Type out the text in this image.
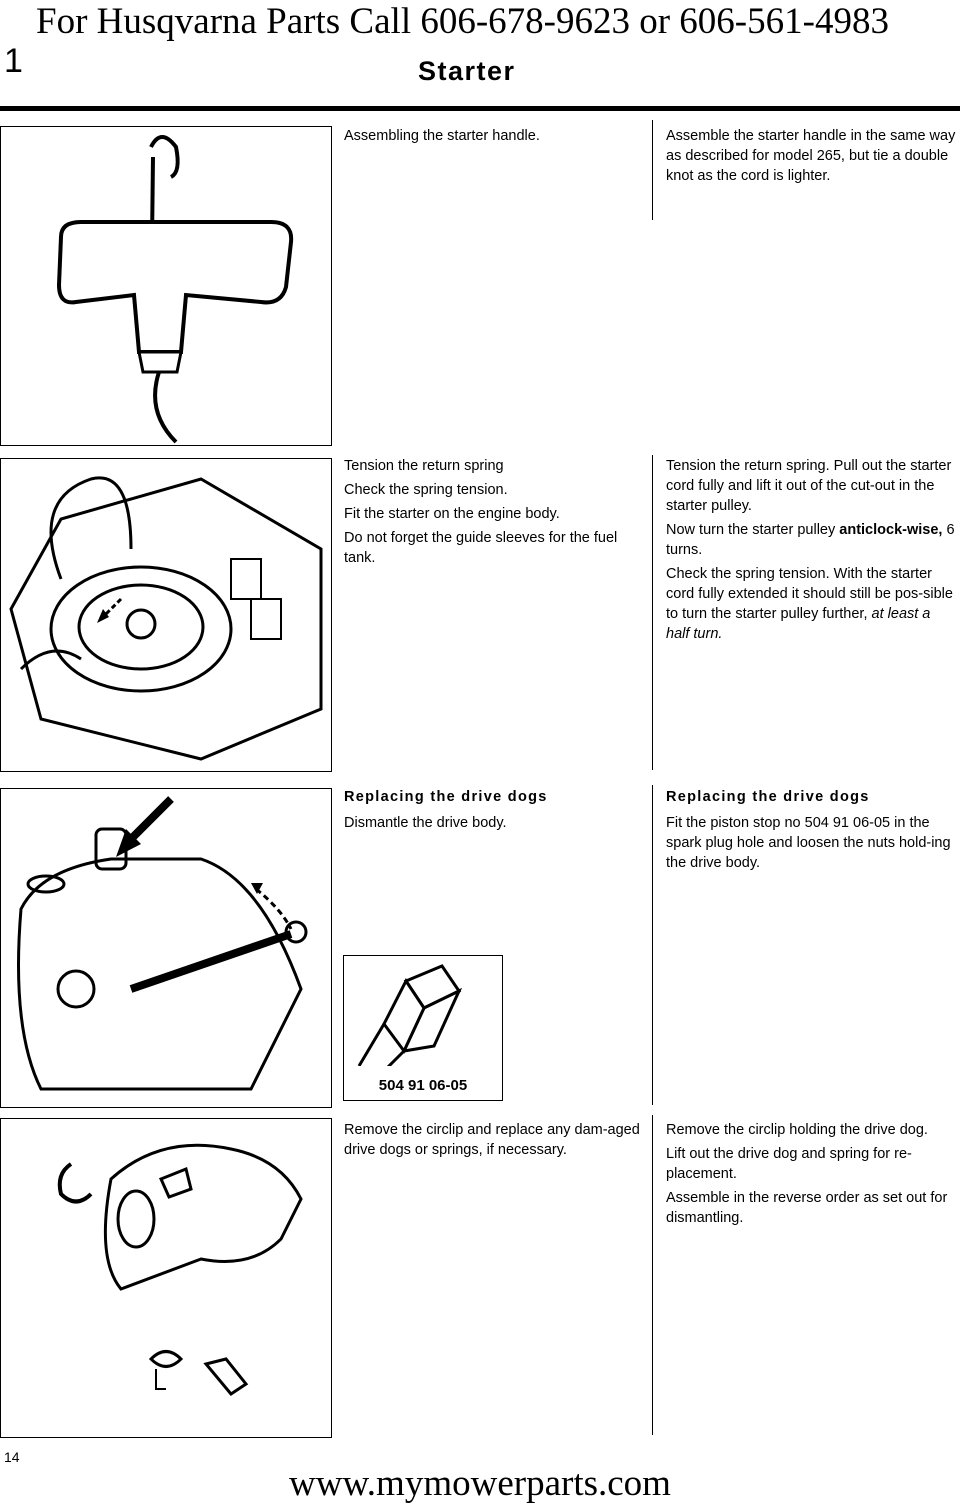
For Husqvarna Parts Call 606-678-9623 or 606-561-4983
1	Starter
Assembling the starter handle.	Assemble the starter handle in the same way as described for model 265, but tie a double knot as the cord is lighter.

Tension the return spring

Check the spring tension.

Fit the starter on the engine body.

Do not forget the guide sleeves for the fuel tank.

Tension the return spring. Pull out the starter cord fully and lift it out of the cut-out in the starter pulley.

Now turn the starter pulley anticlock-wise, 6 turns.

Check the spring tension. With the starter cord fully extended it should still be pos-sible to turn the starter pulley further, at least a half turn.

504 91 06-05
Replacing the drive dogs
Dismantle the drive body.
Replacing the drive dogs
Fit the piston stop no 504 91 06-05 in the spark plug hole and loosen the nuts hold-ing the drive body.
Remove the circlip and replace any dam-aged drive dogs or springs, if necessary.

Remove the circlip holding the drive dog.

Lift out the drive dog and spring for re-placement.

Assemble in the reverse order as set out for dismantling.

14
www.mymowerparts.com
